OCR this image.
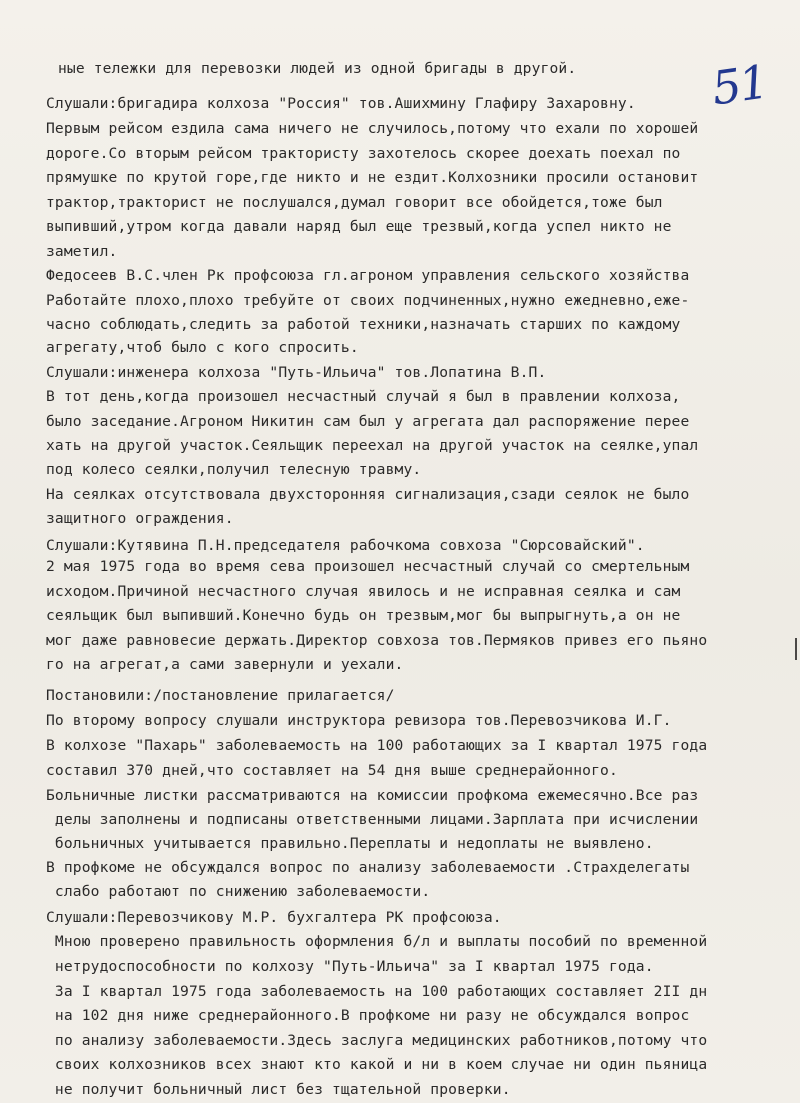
51
ные тележки для перевозки людей из одной бригады в другой.
Слушали:бригадира колхоза "Россия" тов.Ашихмину Глафиру Захаровну.
Первым рейсом ездила сама ничего не случилось,потому что ехали по хорошей
дороге.Со вторым рейсом трактористу захотелось скорее доехать поехал по
прямушке по крутой горе,где никто и не ездит.Колхозники просили остановит
трактор,тракторист не послушался,думал говорит все обойдется,тоже был
выпивший,утром когда давали наряд был еще трезвый,когда успел никто не
заметил.
Федосеев В.С.член Рк профсоюза гл.агроном управления сельского хозяйства
Работайте плохо,плохо требуйте от своих подчиненных,нужно ежедневно,еже-
часно соблюдать,следить за работой техники,назначать старших по каждому
агрегату,чтоб было с кого спросить.
Слушали:инженера колхоза "Путь-Ильича" тов.Лопатина В.П.
В тот день,когда произошел несчастный случай я был в правлении колхоза,
было заседание.Агроном Никитин сам был у агрегата дал распоряжение перее
хать на другой участок.Сеяльщик переехал на другой участок на сеялке,упал
под колесо сеялки,получил телесную травму.
На сеялках отсутствовала двухсторонняя сигнализация,сзади сеялок не было
защитного ограждения.
Слушали:Кутявина П.Н.председателя рабочкома совхоза "Сюрсовайский".
2 мая 1975 года во время сева произошел несчастный случай со смертельным
исходом.Причиной несчастного случая явилось и не исправная сеялка и сам
сеяльщик был выпивший.Конечно будь он трезвым,мог бы выпрыгнуть,а он не
мог даже равновесие держать.Директор совхоза тов.Пермяков привез его пьяно
го на агрегат,а сами завернули и уехали.
Постановили:/постановление прилагается/
По второму вопросу слушали инструктора ревизора тов.Перевозчикова И.Г.
В колхозе "Пахарь" заболеваемость на 100 работающих за I квартал 1975 года
составил 370 дней,что составляет на 54 дня выше среднерайонного.
Больничные листки рассматриваются на комиссии профкома ежемесячно.Все раз
делы заполнены и подписаны ответственными лицами.Зарплата при исчислении
больничных учитывается правильно.Переплаты и недоплаты не выявлено.
В профкоме не обсуждался вопрос по анализу заболеваемости .Страхделегаты
слабо работают по снижению заболеваемости.
Слушали:Перевозчикову М.Р. бухгалтера РК профсоюза.
Мною проверено правильность оформления б/л и выплаты пособий по временной
нетрудоспособности по колхозу "Путь-Ильича" за I квартал 1975 года.
За I квартал 1975 года заболеваемость на 100 работающих составляет 2II дн
на 102 дня ниже среднерайонного.В профкоме ни разу не обсуждался вопрос
по анализу заболеваемости.Здесь заслуга медицинских работников,потому что
своих колхозников всех знают кто какой и ни в коем случае ни один пьяница
не получит больничный лист без тщательной проверки.
